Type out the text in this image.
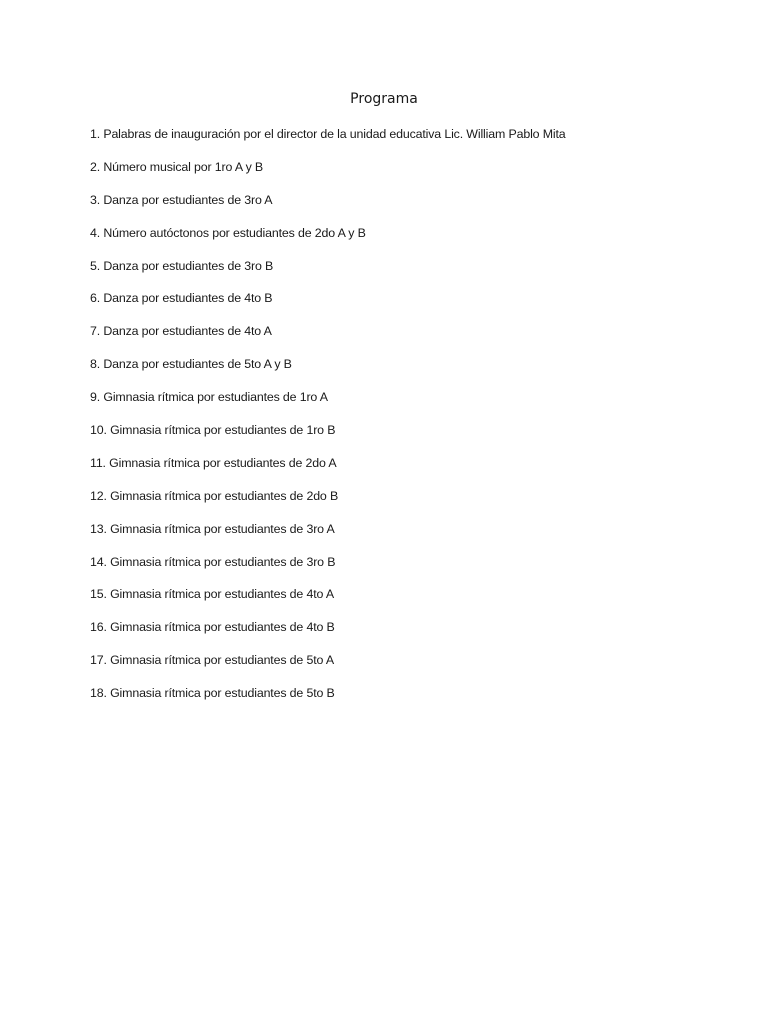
Programa
1. Palabras de inauguración por el director de la unidad educativa Lic. William Pablo Mita
2. Número musical por 1ro A y B
3. Danza por estudiantes de 3ro A
4. Número autóctonos por estudiantes de 2do A y B
5. Danza por estudiantes de 3ro B
6. Danza por estudiantes de 4to B
7. Danza por estudiantes de 4to A
8. Danza por estudiantes de 5to A y B
9. Gimnasia rítmica por estudiantes de 1ro A
10. Gimnasia rítmica por estudiantes de 1ro B
11. Gimnasia rítmica por estudiantes de 2do A
12. Gimnasia rítmica por estudiantes de 2do B
13. Gimnasia rítmica por estudiantes de 3ro A
14. Gimnasia rítmica por estudiantes de 3ro B
15. Gimnasia rítmica por estudiantes de 4to A
16. Gimnasia rítmica por estudiantes de 4to B
17. Gimnasia rítmica por estudiantes de 5to A
18. Gimnasia rítmica por estudiantes de 5to B
